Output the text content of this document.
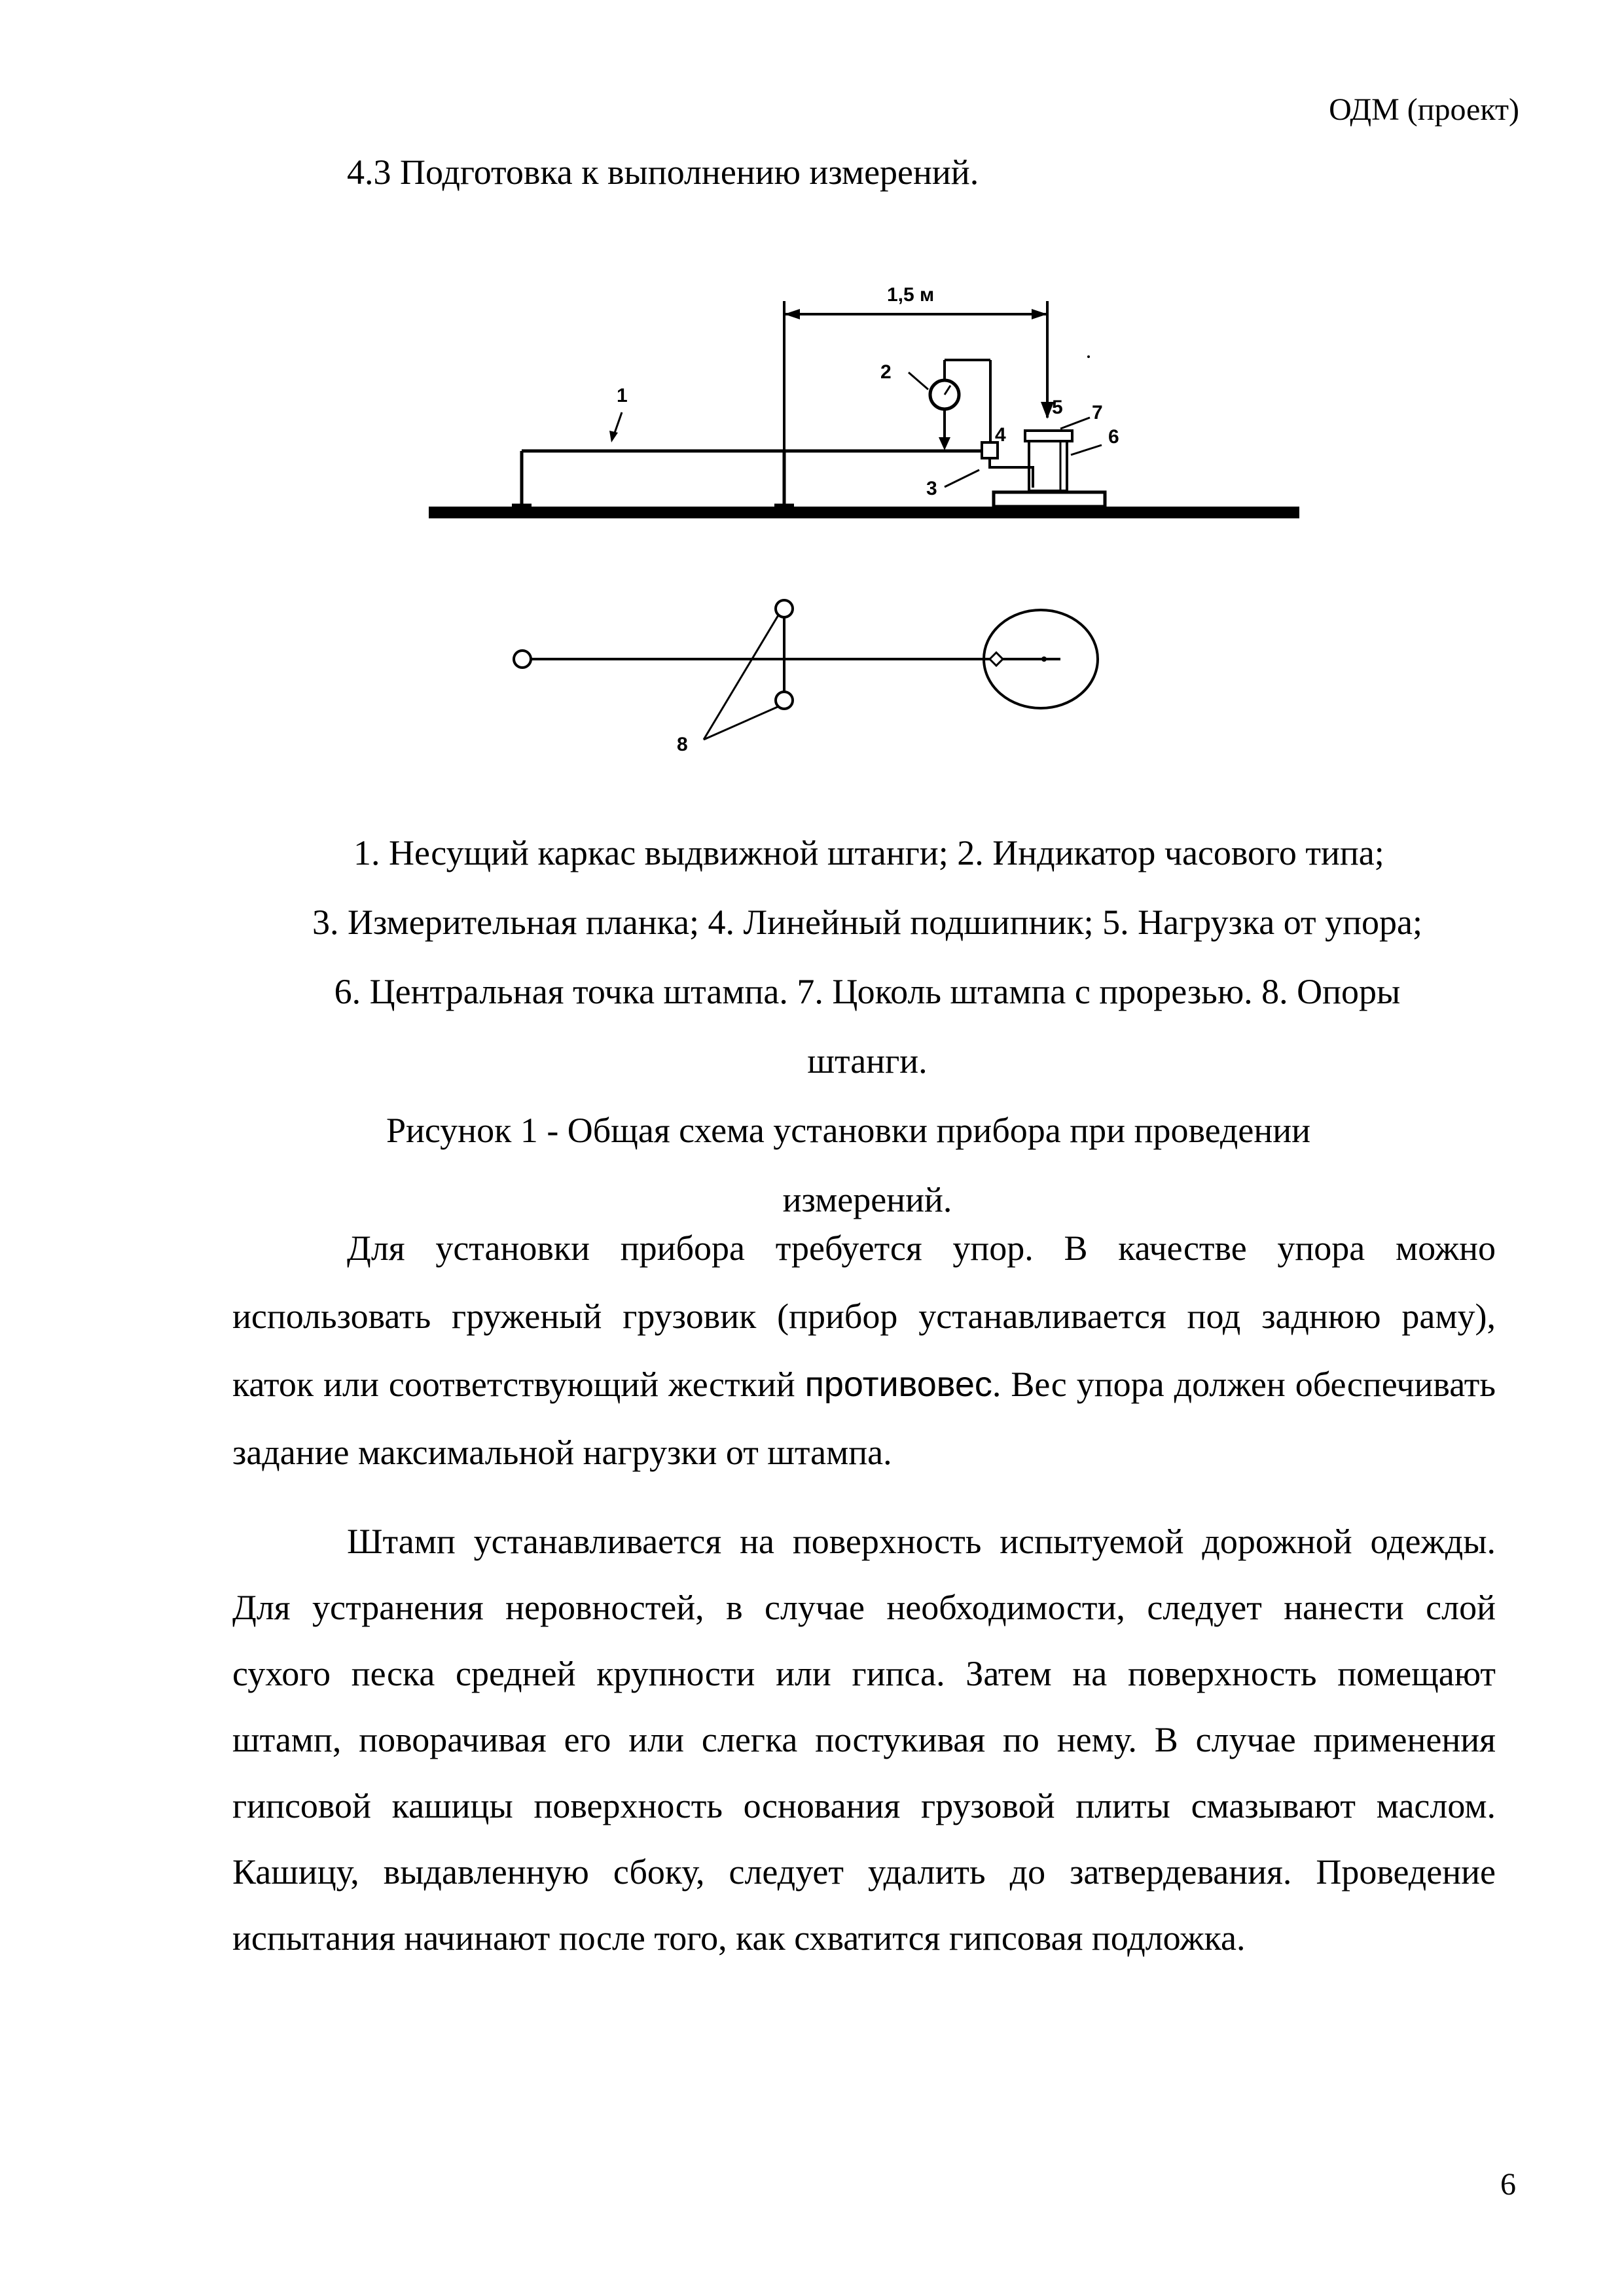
ОДМ (проект)
4.3 Подготовка к выполнению измерений.
1,5 м
1
2
3
4
5
6
7
8
1. Несущий каркас выдвижной штанги; 2. Индикатор часового типа;
3. Измерительная планка; 4. Линейный подшипник; 5. Нагрузка от упора;
6. Центральная точка штампа. 7. Цоколь штампа с прорезью. 8. Опоры
штанги.
Рисунок 1 - Общая схема установки прибора при проведении
измерений.
Для установки прибора требуется упор. В качестве упора можно использовать груженый грузовик (прибор устанавливается под заднюю раму), каток или соответствующий жесткий противовес. Вес упора должен обеспечивать задание максимальной нагрузки от штампа.
Штамп устанавливается на поверхность испытуемой дорожной одежды. Для устранения неровностей, в случае необходимости, следует нанести слой сухого песка средней крупности или гипса. Затем на поверхность помещают штамп, поворачивая его или слегка постукивая по нему. В случае применения гипсовой кашицы поверхность основания грузовой плиты смазывают маслом. Кашицу, выдавленную сбоку, следует удалить до затвердевания. Проведение испытания начинают после того, как схватится гипсовая подложка.
6
